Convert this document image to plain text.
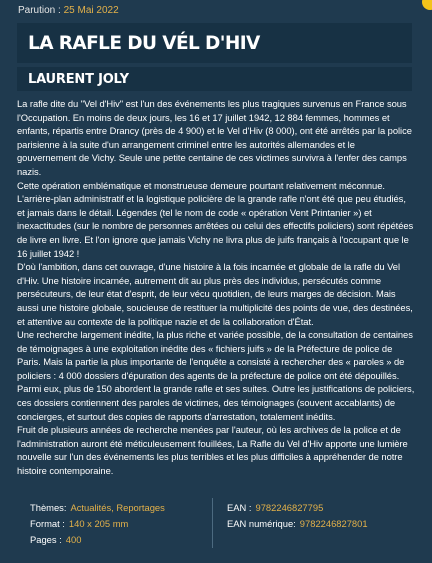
Parution : 25 Mai 2022
LA RAFLE DU VÉL D'HIV
LAURENT JOLY

La rafle dite du "Vel d'Hiv" est l'un des événements les plus tragiques survenus en France sous l'Occupation. En moins de deux jours, les 16 et 17 juillet 1942, 12 884 femmes, hommes et enfants, répartis entre Drancy (près de 4 900) et le Vel d'Hiv (8 000), ont été arrêtés par la police parisienne à la suite d'un arrangement criminel entre les autorités allemandes et le gouvernement de Vichy. Seule une petite centaine de ces victimes survivra à l'enfer des camps nazis.

Cette opération emblématique et monstrueuse demeure pourtant relativement méconnue. L'arrière-plan administratif et la logistique policière de la grande rafle n'ont été que peu étudiés, et jamais dans le détail. Légendes (tel le nom de code « opération Vent Printanier ») et inexactitudes (sur le nombre de personnes arrêtées ou celui des effectifs policiers) sont répétées de livre en livre. Et l'on ignore que jamais Vichy ne livra plus de juifs français à l'occupant que le 16 juillet 1942 !

D'où l'ambition, dans cet ouvrage, d'une histoire à la fois incarnée et globale de la rafle du Vel d'Hiv. Une histoire incarnée, autrement dit au plus près des individus, persécutés comme persécuteurs, de leur état d'esprit, de leur vécu quotidien, de leurs marges de décision. Mais aussi une histoire globale, soucieuse de restituer la multiplicité des points de vue, des destinées, et attentive au contexte de la politique nazie et de la collaboration d'État.

Une recherche largement inédite, la plus riche et variée possible, de la consultation de centaines de témoignages à une exploitation inédite des « fichiers juifs » de la Préfecture de police de Paris. Mais la partie la plus importante de l'enquête a consisté à rechercher des « paroles » de policiers : 4 000 dossiers d'épuration des agents de la préfecture de police ont été dépouillés. Parmi eux, plus de 150 abordent la grande rafle et ses suites. Outre les justifications de policiers, ces dossiers contiennent des paroles de victimes, des témoignages (souvent accablants) de concierges, et surtout des copies de rapports d'arrestation, totalement inédits.

Fruit de plusieurs années de recherche menées par l'auteur, où les archives de la police et de l'administration auront été méticuleusement fouillées, La Rafle du Vel d'Hiv apporte une lumière nouvelle sur l'un des événements les plus terribles et les plus difficiles à appréhender de notre histoire contemporaine.

Thèmes: Actualités, Reportages
Format : 140 x 205 mm
Pages : 400
EAN : 9782246827795
EAN numérique: 9782246827801
